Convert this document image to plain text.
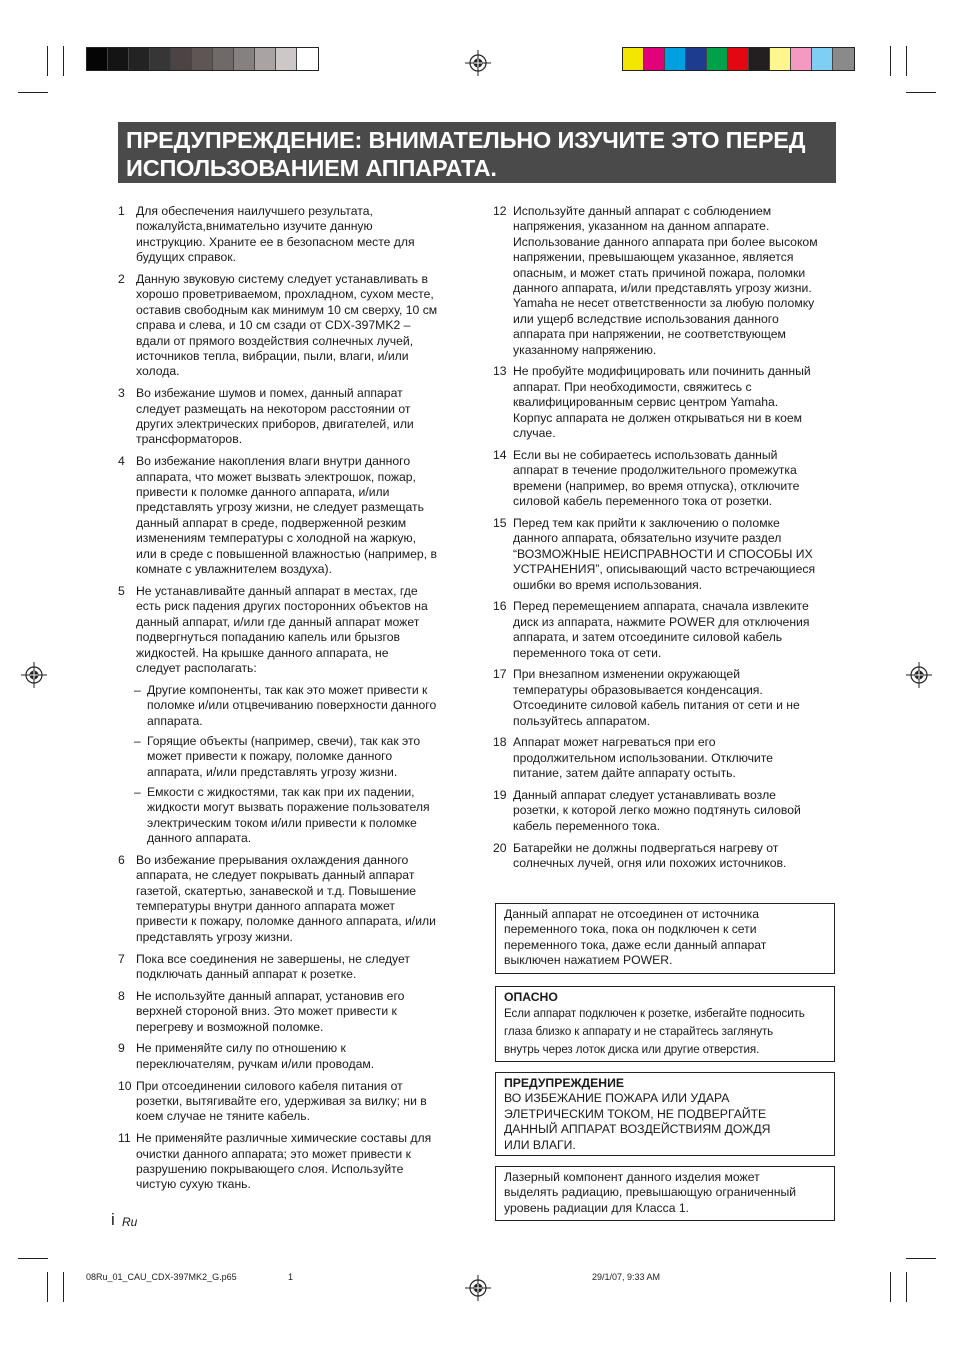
ПРЕДУПРЕЖДЕНИЕ: ВНИМАТЕЛЬНО ИЗУЧИТЕ ЭТО ПЕРЕД
ИСПОЛЬЗОВАНИЕМ АППАРАТА.
1 Для обеспечения наилучшего результата,
пожалуйста,внимательно изучите данную
инструкцию. Храните ее в безопасном месте для
будущих справок.
2 Данную звуковую систему следует устанавливать в
хорошо проветриваемом, прохладном, сухом месте,
оставив свободным как минимум 10 см сверху, 10 см
справа и слева, и 10 см сзади от CDX-397MK2 –
вдали от прямого воздействия солнечных лучей,
источников тепла, вибрации, пыли, влаги, и/или
холода.
3 Во избежание шумов и помех, данный аппарат
следует размещать на некотором расстоянии от
других электрических приборов, двигателей, или
трансформаторов.
4 Во избежание накопления влаги внутри данного
аппарата, что может вызвать электрошок, пожар,
привести к поломке данного аппарата, и/или
представлять угрозу жизни, не следует размещать
данный аппарат в среде, подверженной резким
изменениям температуры с холодной на жаркую,
или в среде с повышенной влажностью (например, в
комнате с увлажнителем воздуха).
5 Не устанавливайте данный аппарат в местах, где
есть риск падения других посторонних объектов на
данный аппарат, и/или где данный аппарат может
подвергнуться попаданию капель или брызгов
жидкостей. На крышке данного аппарата, не
следует располагать:
– Другие компоненты, так как это может привести к
поломке и/или отцвечиванию поверхности данного
аппарата.
– Горящие объекты (например, свечи), так как это
может привести к пожару, поломке данного
аппарата, и/или представлять угрозу жизни.
– Емкости с жидкостями, так как при их падении,
жидкости могут вызвать поражение пользователя
электрическим током и/или привести к поломке
данного аппарата.
6 Во избежание прерывания охлаждения данного
аппарата, не следует покрывать данный аппарат
газетой, скатертью, занавеской и т.д. Повышение
температуры внутри данного аппарата может
привести к пожару, поломке данного аппарата, и/или
представлять угрозу жизни.
7 Пока все соединения не завершены, не следует
подключать данный аппарат к розетке.
8 Не используйте данный аппарат, установив его
верхней стороной вниз. Это может привести к
перегреву и возможной поломке.
9 Не применяйте силу по отношению к
переключателям, ручкам и/или проводам.
10 При отсоединении силового кабеля питания от
розетки, вытягивайте его, удерживая за вилку; ни в
коем случае не тяните кабель.
11 Не применяйте различные химические составы для
очистки данного аппарата; это может привести к
разрушению покрывающего слоя. Используйте
чистую сухую ткань.
12 Используйте данный аппарат с соблюдением
напряжения, указанном на данном аппарате.
Использование данного аппарата при более высоком
напряжении, превышающем указанное, является
опасным, и может стать причиной пожара, поломки
данного аппарата, и/или представлять угрозу жизни.
Yamaha не несет ответственности за любую поломку
или ущерб вследствие использования данного
аппарата при напряжении, не соответствующем
указанному напряжению.
13 Не пробуйте модифицировать или починить данный
аппарат. При необходимости, свяжитесь с
квалифицированным сервис центром Yamaha.
Корпус аппарата не должен открываться ни в коем
случае.
14 Если вы не собираетесь использовать данный
аппарат в течение продолжительного промежутка
времени (например, во время отпуска), отключите
силовой кабель переменного тока от розетки.
15 Перед тем как прийти к заключению о поломке
данного аппарата, обязательно изучите раздел
“ВОЗМОЖНЫЕ НЕИСПРАВНОСТИ И СПОСОБЫ ИХ
УСТРАНЕНИЯ”, описывающий часто встречающиеся
ошибки во время использования.
16 Перед перемещением аппарата, сначала извлеките
диск из аппарата, нажмите POWER для отключения
аппарата, и затем отсоедините силовой кабель
переменного тока от сети.
17 При внезапном изменении окружающей
температуры образовывается конденсация.
Отсоедините силовой кабель питания от сети и не
пользуйтесь аппаратом.
18 Аппарат может нагреваться при его
продолжительном использовании. Отключите
питание, затем дайте аппарату остыть.
19 Данный аппарат следует устанавливать возле
розетки, к которой легко можно подтянуть силовой
кабель переменного тока.
20 Батарейки не должны подвергаться нагреву от
солнечных лучей, огня или похожих источников.
Данный аппарат не отсоединен от источника
переменного тока, пока он подключен к сети
переменного тока, даже если данный аппарат
выключен нажатием POWER.
ОПАСНО
Если аппарат подключен к розетке, избегайте подносить
глаза близко к аппарату и не старайтесь заглянуть
внутрь через лоток диска или другие отверстия.
ПРЕДУПРЕЖДЕНИЕ
ВО ИЗБЕЖАНИЕ ПОЖАРА ИЛИ УДАРА
ЭЛЕТРИЧЕСКИМ ТОКОМ, НЕ ПОДВЕРГАЙТЕ
ДАННЫЙ АППАРАТ ВОЗДЕЙСТВИЯМ ДОЖДЯ
ИЛИ ВЛАГИ.
Лазерный компонент данного изделия может
выделять радиацию, превышающую ограниченный
уровень радиации для Класса 1.
i Ru
08Ru_01_CAU_CDX-397MK2_G.p65	1	29/1/07, 9:33 AM
